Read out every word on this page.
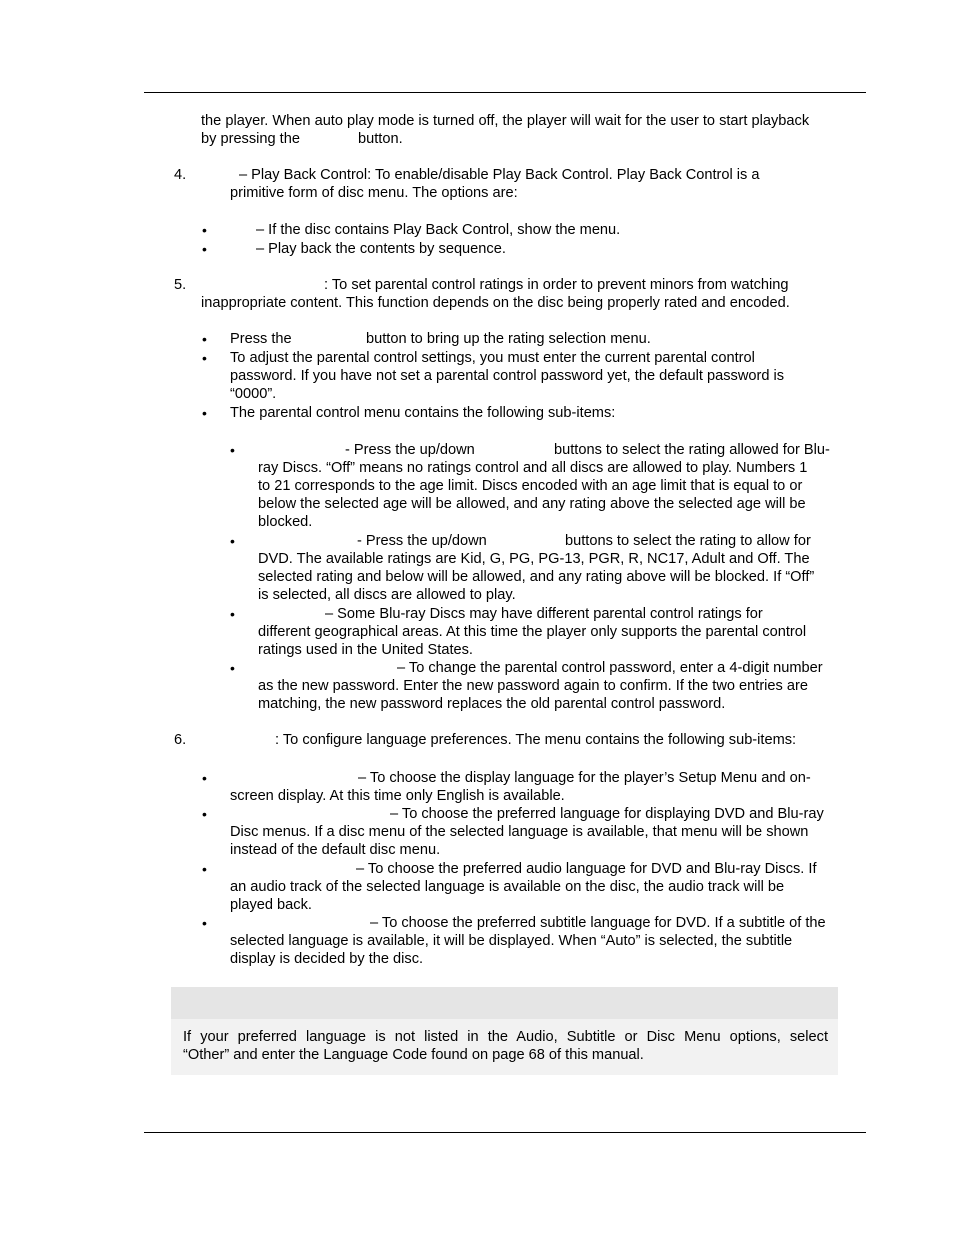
the player. When auto play mode is turned off, the player will wait for the user to start playback
by pressing the	button.
– Play Back Control: To enable/disable Play Back Control. Play Back Control is a
primitive form of disc menu. The options are:
– If the disc contains Play Back Control, show the menu.
– Play back the contents by sequence.
: To set parental control ratings in order to prevent minors from watching
inappropriate content. This function depends on the disc being properly rated and encoded.
Press the	button to bring up the rating selection menu.
To adjust the parental control settings, you must enter the current parental control
password. If you have not set a parental control password yet, the default password is
“0000”.
The parental control menu contains the following sub-items:
- Press the up/down	buttons to select the rating allowed for Blu-
ray Discs. “Off” means no ratings control and all discs are allowed to play. Numbers 1
to 21 corresponds to the age limit. Discs encoded with an age limit that is equal to or
below the selected age will be allowed, and any rating above the selected age will be
blocked.
- Press the up/down	buttons to select the rating to allow for
DVD. The available ratings are Kid, G, PG, PG-13, PGR, R, NC17, Adult and Off. The
selected rating and below will be allowed, and any rating above will be blocked. If “Off”
is selected, all discs are allowed to play.
– Some Blu-ray Discs may have different parental control ratings for
different geographical areas. At this time the player only supports the parental control
ratings used in the United States.
– To change the parental control password, enter a 4-digit number
as the new password. Enter the new password again to confirm. If the two entries are
matching, the new password replaces the old parental control password.
: To configure language preferences. The menu contains the following sub-items:
– To choose the display language for the player’s Setup Menu and on-
screen display. At this time only English is available.
– To choose the preferred language for displaying DVD and Blu-ray
Disc menus. If a disc menu of the selected language is available, that menu will be shown
instead of the default disc menu.
– To choose the preferred audio language for DVD and Blu-ray Discs. If
an audio track of the selected language is available on the disc, the audio track will be
played back.
– To choose the preferred subtitle language for DVD. If a subtitle of the
selected language is available, it will be displayed. When “Auto” is selected, the subtitle
display is decided by the disc.
4.
5.
6.
•
•
•
•
•
•
•
•
•
•
•
•
•
If your preferred language is not listed in the Audio, Subtitle or Disc Menu options, select
“Other” and enter the Language Code found on page 68 of this manual.
